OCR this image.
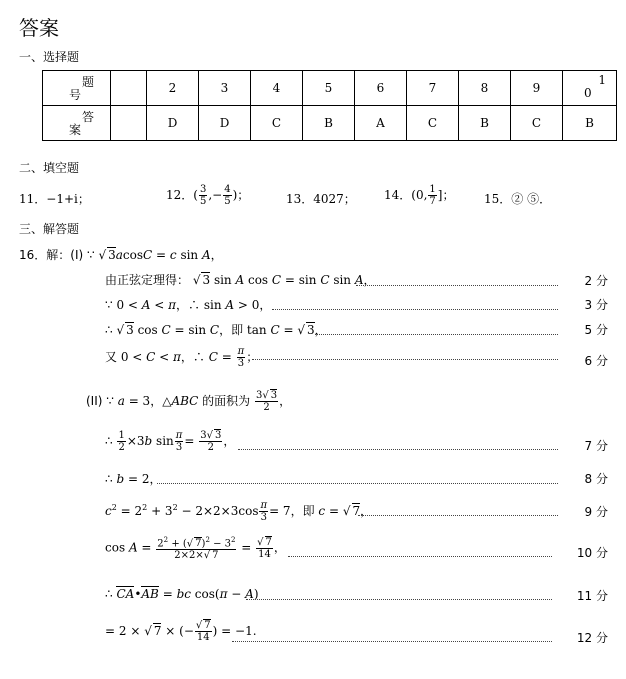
答案
一、选择题
题
号		2	3	4	5	6	7	8	9	1
0

答
案		D	D	C	B	A	C	B	C	B
二、填空题
11．−1+i；	12．( $\frac{3}{5}$ ,− $\frac{4}{5}$ )；	13．4027； 14．(0, $\frac{1}{7}$ ]； 15．② ⑤．
三、解答题
16．解：(I) ∵ √ 3acosC = c sin A，
由正弦定理得： √ 3 sin A cos C = sin C sin A，	2 分
∵ 0 < A < π，∴ sin A > 0，	3 分
∴ √ 3 cos C = sin C，即 tan C = √ 3，	5 分
又 0 < C < π，∴ $C = \frac{\pi}{3}$ ；	6 分
(II) ∵ a = 3，△ABC 的面积为 $\frac{3√ 3}{2}$ ，
∴ $\frac{1}{2} \times 3b$ $\sin \frac{\pi}{3} = \frac{3√ 3}{2}$ ，	7 分
∴ b = 2，	8 分
$c^2 = 2^2 + 3^2 - 2\times 2\times 3\cos \frac{\pi}{3} = 7$，即 c = √ 7，	9 分
$\cos A = \frac{2^2 + (√ 7)^2 - 3^2}{2\times 2\times√ 7} = \frac{√ 7}{14}$ ，	10 分
∴ CA•AB = bc cos(π − A)	11 分
= 2 × √ 7 × (− $\frac{√ 7}{14}$ ) = −1.	12 分
